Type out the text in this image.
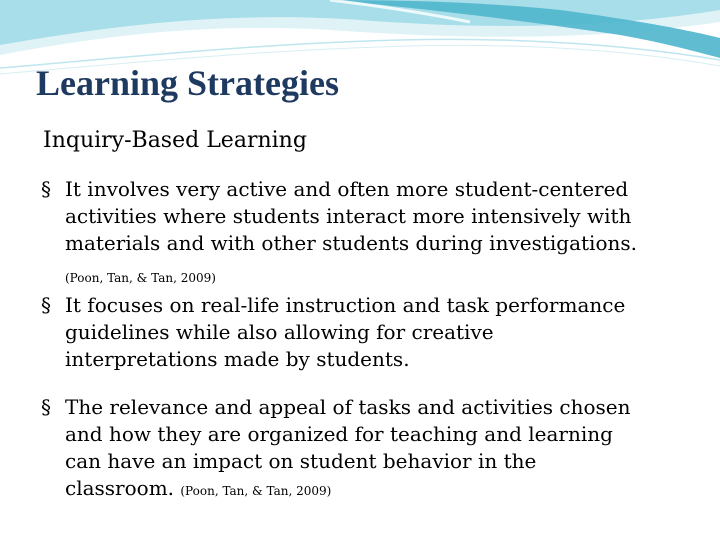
Learning Strategies
Inquiry-Based Learning
§ It involves very active and often more student-centered
activities where students interact more intensively with
materials and with other students during investigations.
(Poon, Tan, & Tan, 2009)
§ It focuses on real-life instruction and task performance
guidelines while also allowing for creative
interpretations made by students.
§ The relevance and appeal of tasks and activities chosen
and how they are organized for teaching and learning
can have an impact on student behavior in the
classroom. (Poon, Tan, & Tan, 2009)
